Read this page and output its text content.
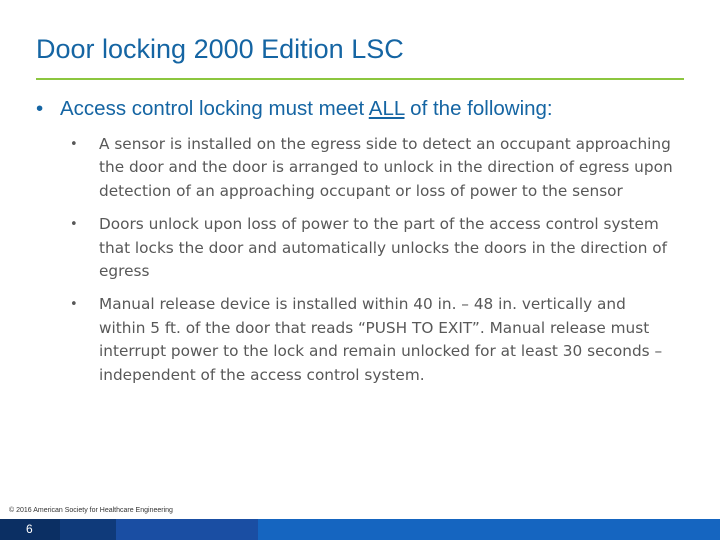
Door locking 2000 Edition LSC
• Access control locking must meet ALL of the following:
• A sensor is installed on the egress side to detect an occupant approaching the door and the door is arranged to unlock in the direction of egress upon detection of an approaching occupant or loss of power to the sensor
• Doors unlock upon loss of power to the part of the access control system that locks the door and automatically unlocks the doors in the direction of egress
• Manual release device is installed within 40 in. – 48 in. vertically and within 5 ft. of the door that reads “PUSH TO EXIT”. Manual release must interrupt power to the lock and remain unlocked for at least 30 seconds – independent of the access control system.
© 2016 American Society for Healthcare Engineering
6
